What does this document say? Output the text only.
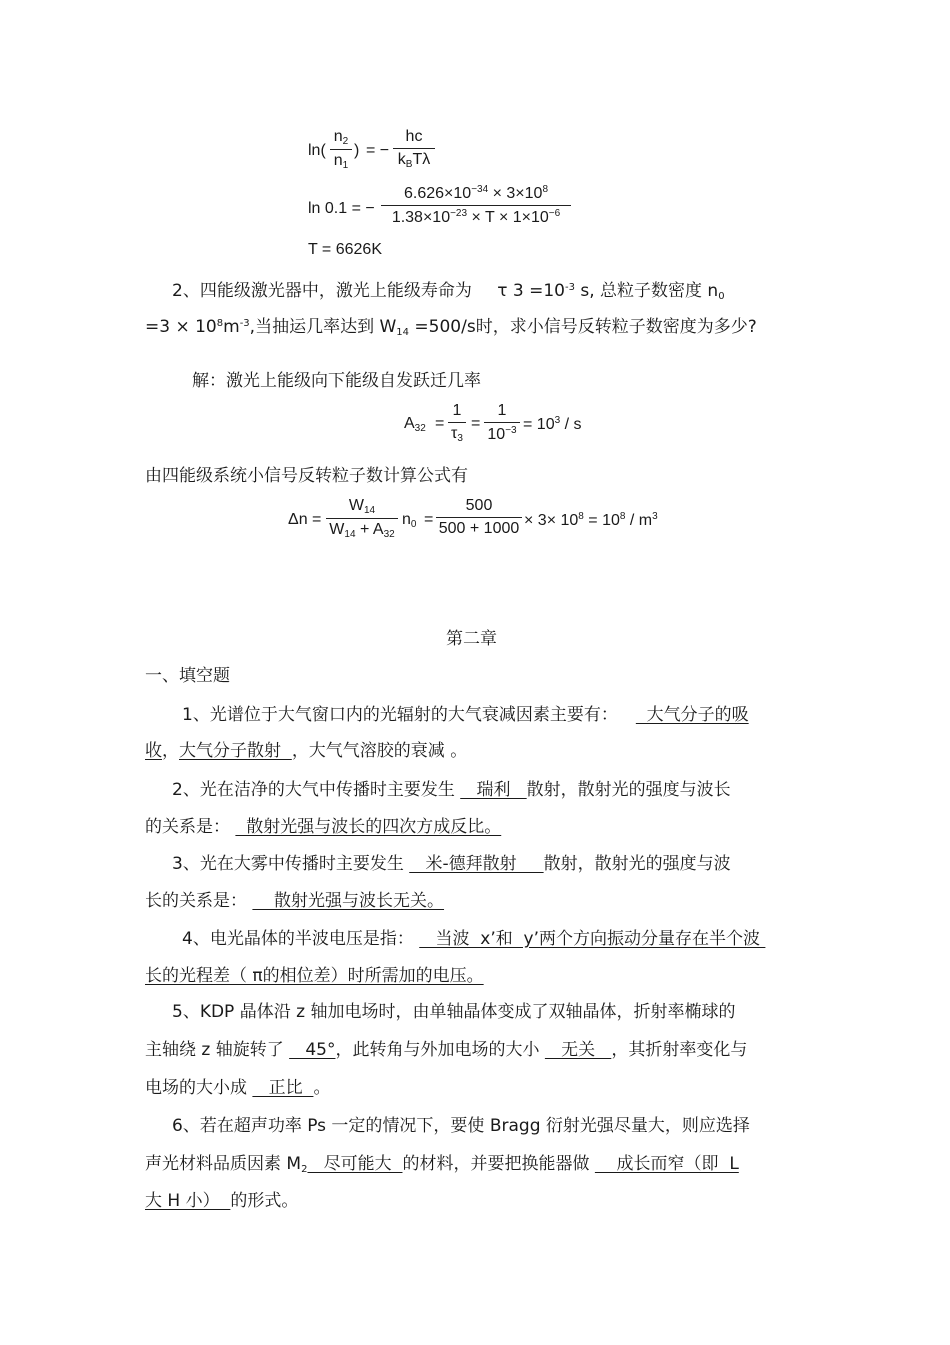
$\ln( \frac{n_2}{n_1}$ ) = −
hc
$k_BT\lambda$
ln 0.1 = − $\frac{6.626\times 10^{-34} \times 3\times 10^8}{1.38\times 10^{-23} \times T \times 1\times 10^{-6}}$
T = 6626K
2、四能级激光器中，激光上能级寿命为 τ $3 =10^{-3}$ s, 总粒子数密度 $n_0$
$=3 \times 10^8m^{-3}$,当抽运几率达到 $W_{14} =500/s$时，求小信号反转粒子数密度为多少?
解：激光上能级向下能级自发跃迁几率
$A_{32} = \frac{1}{\tau_3} = \frac{1}{10^{-3}} = 10^3 / s$
由四能级系统小信号反转粒子数计算公式有
$\Delta n = \frac{W_{14}}{W_{14} + A_{32}} n_0 = \frac{500}{500 + 1000} \times 3\times 10^8 = 10^8 / m^3$
第二章
一、填空题
1、光谱位于大气窗口内的光辐射的大气衰减因素主要有：  大气分子的吸
收，大气分子散射  ，大气气溶胶的衰减 。
2、光在洁净的大气中传播时主要发生    瑞利   散射，散射光的强度与波长
的关系是：   散射光强与波长的四次方成反比。
3、光在大雾中传播时主要发生    米-德拜散射     散射，散射光的强度与波
长的关系是：     散射光强与波长无关。
4、电光晶体的半波电压是指：    当波  x’和  y’两个方向振动分量存在半个波
长的光程差（ π的相位差）时所需加的电压。
5、KDP 晶体沿 z 轴加电场时，由单轴晶体变成了双轴晶体，折射率椭球的
主轴绕 z 轴旋转了    45°，此转角与外加电场的大小    无关   ，其折射率变化与
电场的大小成    正比  。
6、若在超声功率 Ps 一定的情况下，要使 Bragg 衍射光强尽量大，则应选择
声光材料品质因素 $M_2$   尽可能大  的材料，并要把换能器做     成长而窄（即  L
大 H 小）  的形式。
